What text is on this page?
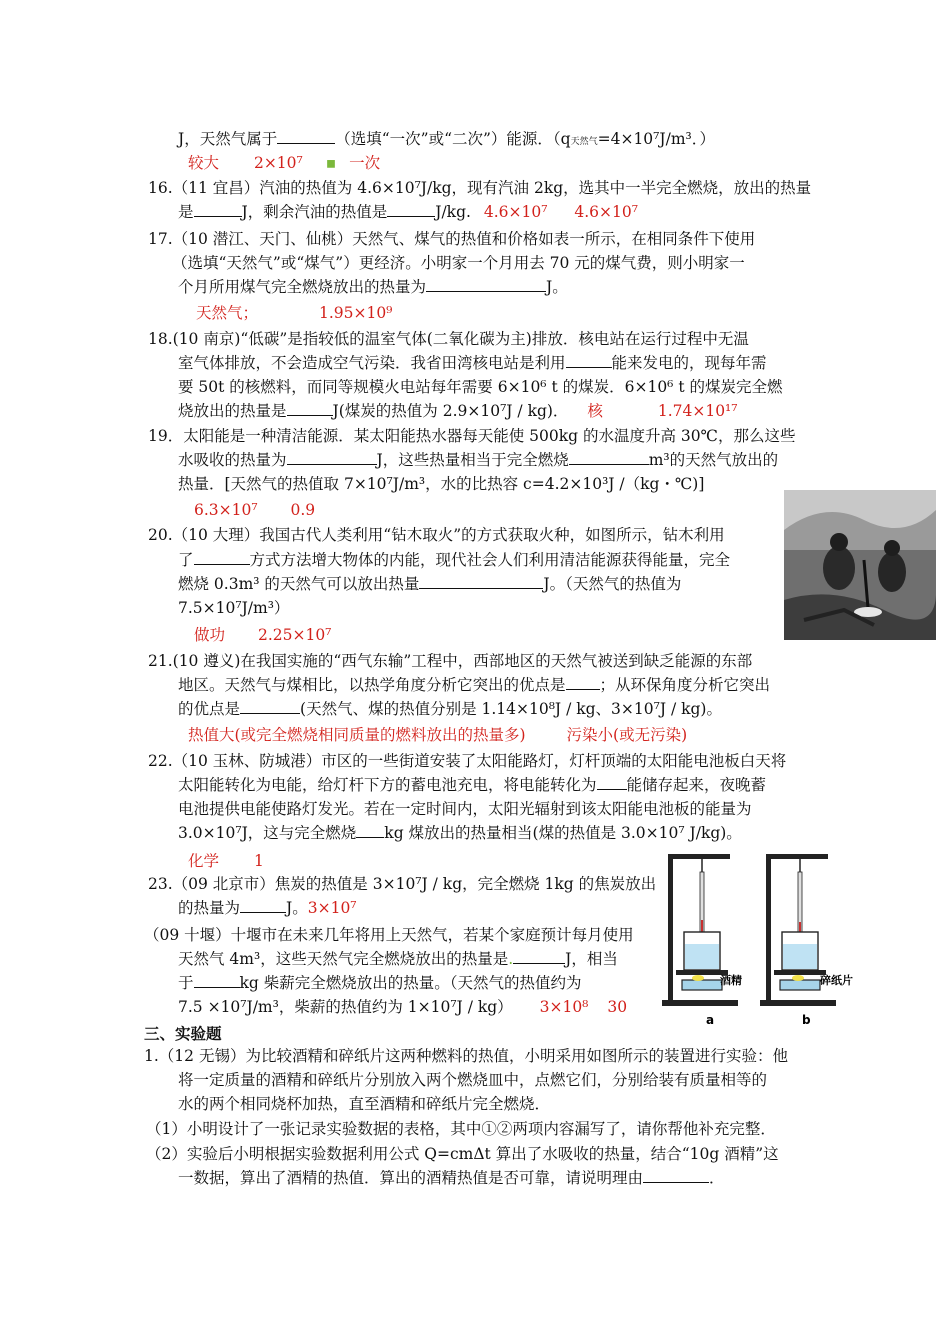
J，天然气属于	（选填“一次”或“二次”）能源．（q天然气=4×10⁷J/m³．）
较大 2×10⁷ ▪ 一次
16.（11 宜昌）汽油的热值为 4.6×10⁷J/kg，现有汽油 2kg，选其中一半完全燃烧，放出的热量
是	J，剩余汽油的热值是	J/kg. 4.6×10⁷ 4.6×10⁷
17.（10 潜江、天门、仙桃）天然气、煤气的热值和价格如表一所示，在相同条件下使用
（选填“天然气”或“煤气”）更经济。小明家一个月用去 70 元的煤气费，则小明家一
个月所用煤气完全燃烧放出的热量为	J。
天然气；	1.95×10⁹
18.(10 南京)“低碳”是指较低的温室气体(二氧化碳为主)排放．核电站在运行过程中无温
室气体排放，不会造成空气污染．我省田湾核电站是利用	能来发电的，现每年需
要 50t 的核燃料，而同等规模火电站每年需要 6×10⁶ t 的煤炭．6×10⁶ t 的煤炭完全燃
烧放出的热量是	J(煤炭的热值为 2.9×10⁷J / kg)． 核	1.74×10¹⁷
19．太阳能是一种清洁能源．某太阳能热水器每天能使 500kg 的水温度升高 30℃，那么这些
水吸收的热量为	J，这些热量相当于完全燃烧	m³的天然气放出的
热量．[天然气的热值取 7×10⁷J/m³，水的比热容 c=4.2×10³J /（kg・℃)]
6.3×10⁷ 0.9
20.（10 大理）我国古代人类利用“钻木取火”的方式获取火种，如图所示，钻木利用
了	方式方法增大物体的内能，现代社会人们利用清洁能源获得能量，完全
燃烧 0.3m³ 的天然气可以放出热量	J。（天然气的热值为
7.5×10⁷J/m³）
做功 2.25×10⁷
21.(10 遵义)在我国实施的“西气东输”工程中，西部地区的天然气被送到缺乏能源的东部
地区。天然气与煤相比，以热学角度分析它突出的优点是 ；从环保角度分析它突出
的优点是	(天然气、煤的热值分别是 1.14×10⁸J / kg、3×10⁷J / kg)。
热值大(或完全燃烧相同质量的燃料放出的热量多)	污染小(或无污染)
22.（10 玉林、防城港）市区的一些街道安装了太阳能路灯，灯杆顶端的太阳能电池板白天将
太阳能转化为电能，给灯杆下方的蓄电池充电，将电能转化为 能储存起来，夜晚蓄
电池提供电能使路灯发光。若在一定时间内，太阳光辐射到该太阳能电池板的能量为
3.0×10⁷J，这与完全燃烧 kg 煤放出的热量相当(煤的热值是 3.0×10⁷ J/kg)。
化学 1
23.（09 北京市）焦炭的热值是 3×10⁷J / kg，完全燃烧 1kg 的焦炭放出
的热量为	J。3×10⁷
（09 十堰）十堰市在未来几年将用上天然气，若某个家庭预计每月使用
天然气 4m³，这些天然气完全燃烧放出的热量是.	J，相当
于	kg 柴薪完全燃烧放出的热量。（天然气的热值约为
7.5 ×10⁷J/m³，柴薪的热值约为 1×10⁷J / kg） 3×10⁸ 30
酒精	碎纸片
a	b
三、实验题
1.（12 无锡）为比较酒精和碎纸片这两种燃料的热值，小明采用如图所示的装置进行实验：他
将一定质量的酒精和碎纸片分别放入两个燃烧皿中，点燃它们，分别给装有质量相等的
水的两个相同烧杯加热，直至酒精和碎纸片完全燃烧．
（1）小明设计了一张记录实验数据的表格，其中①②两项内容漏写了，请你帮他补充完整．
（2）实验后小明根据实验数据利用公式 Q=cmΔt 算出了水吸收的热量，结合“10g 酒精”这
一数据，算出了酒精的热值．算出的酒精热值是否可靠，请说明理由	．
